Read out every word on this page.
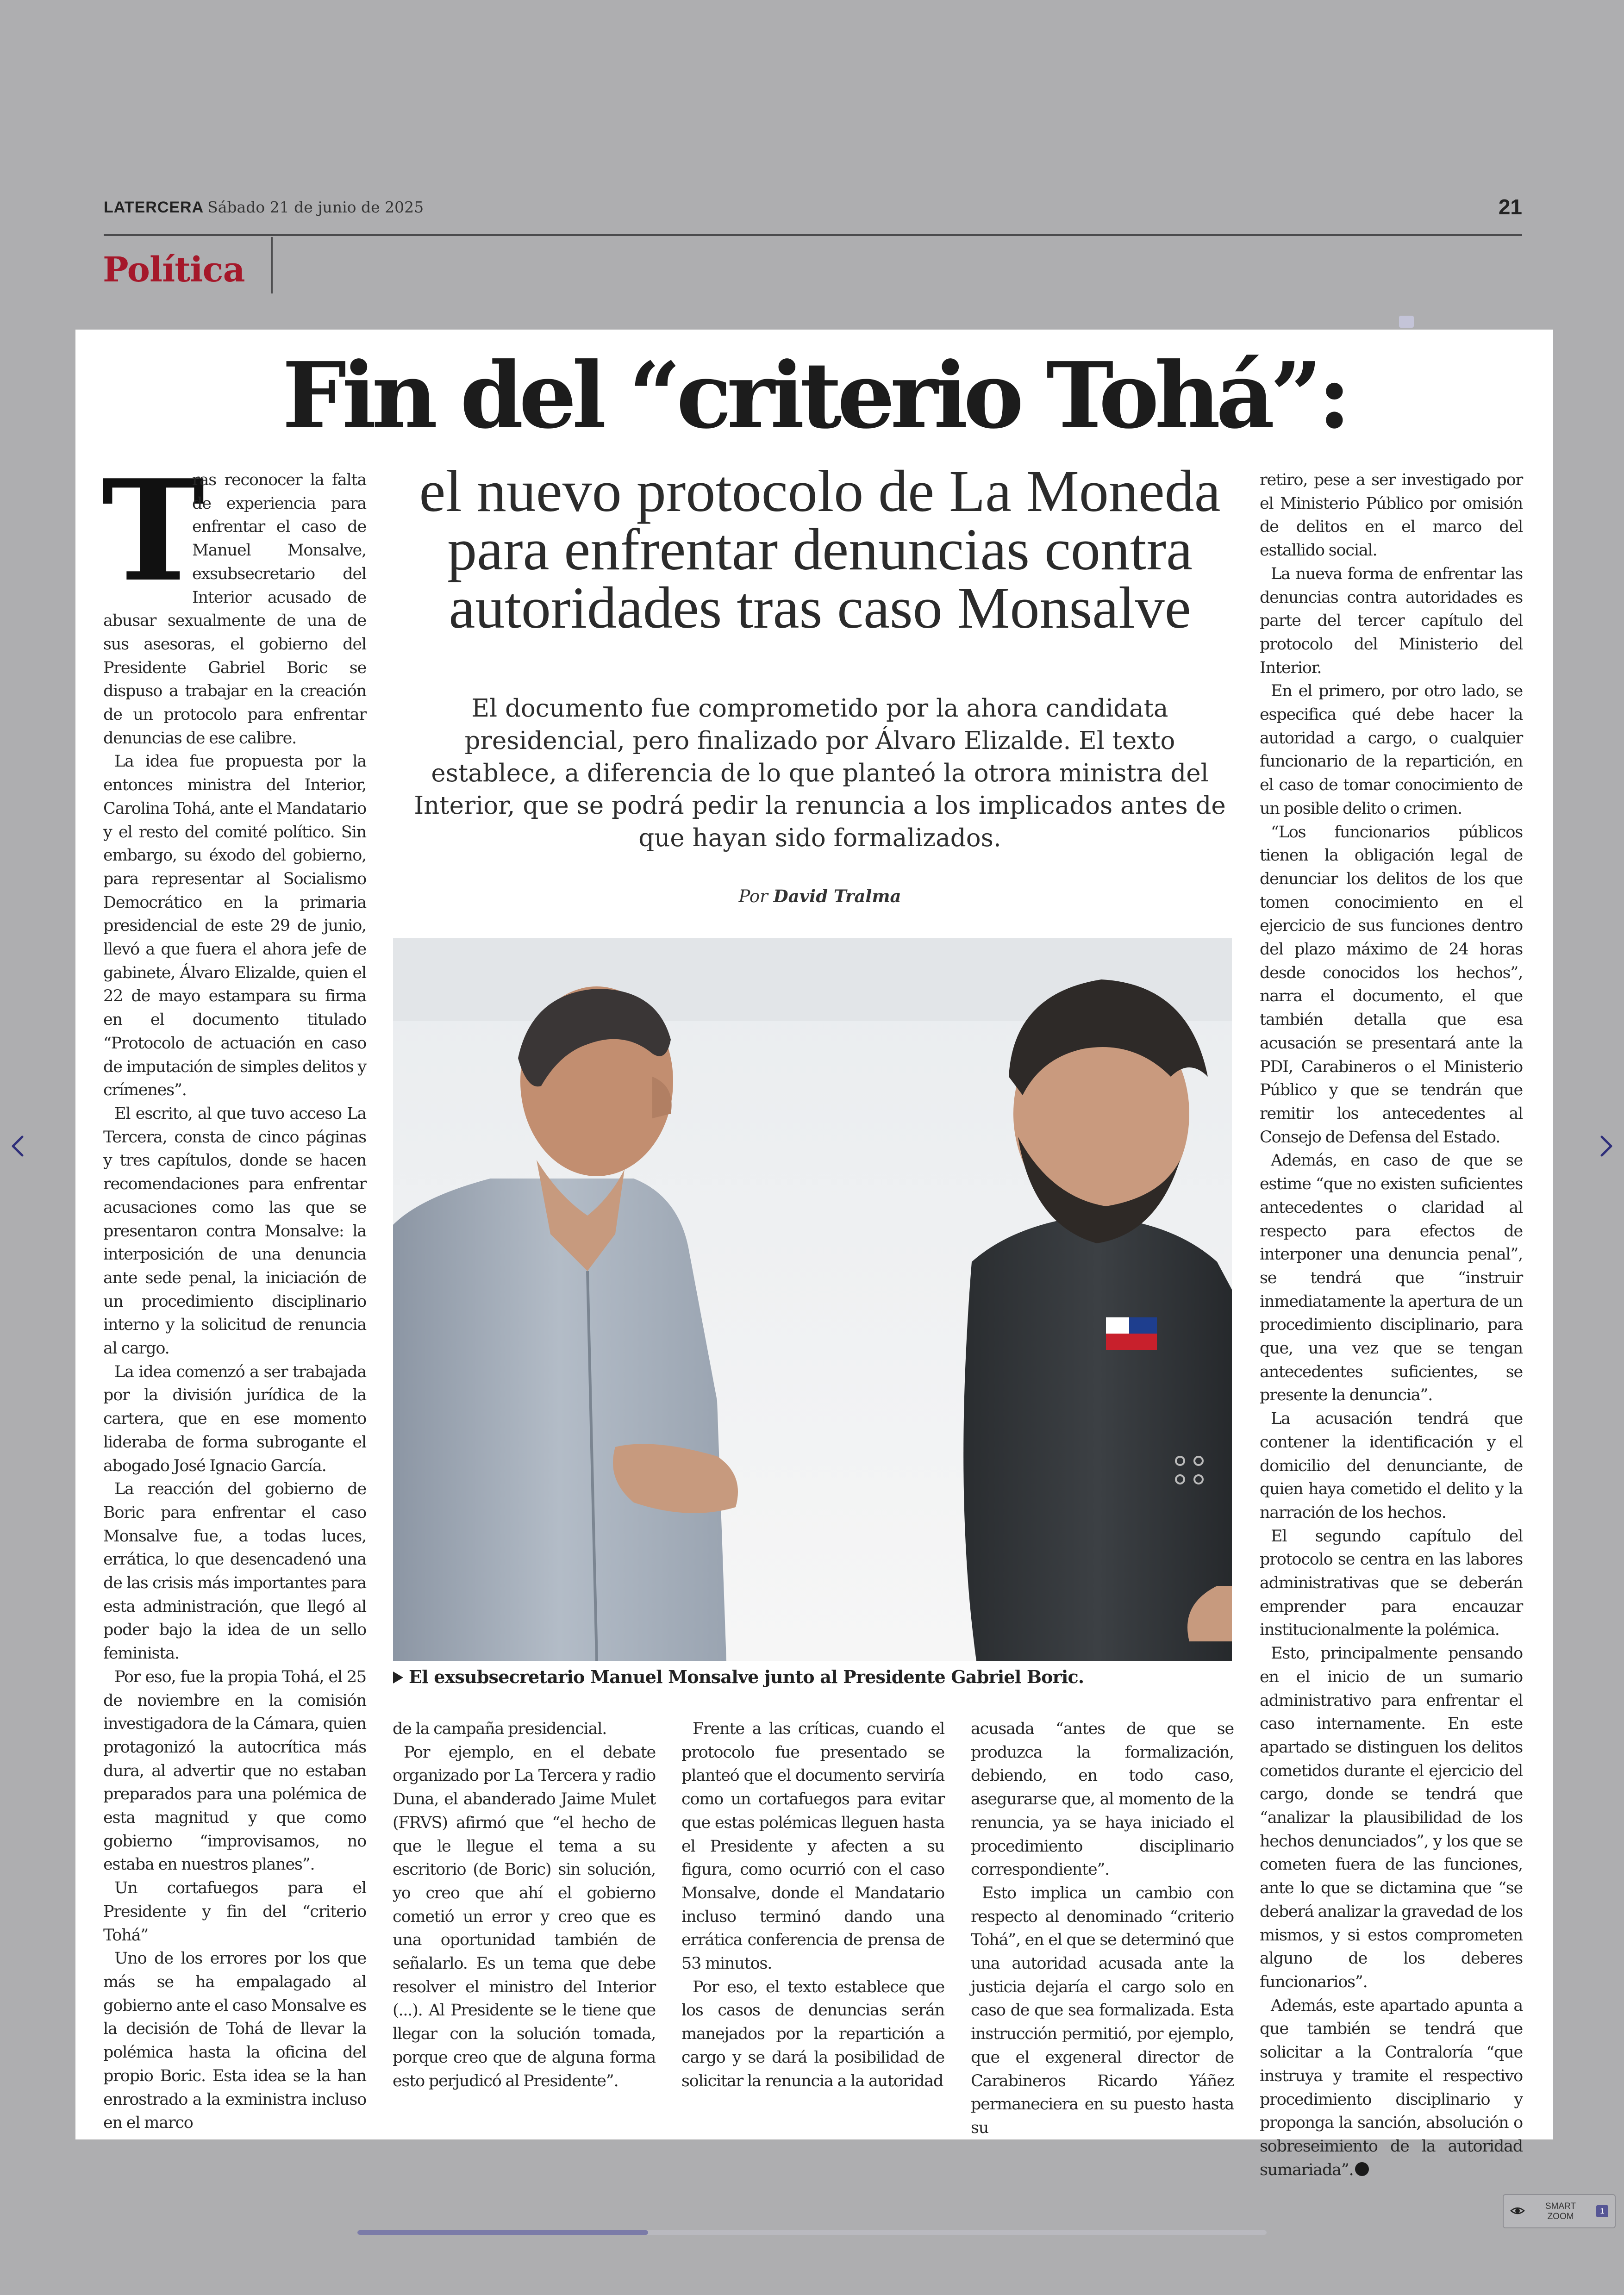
LATERCERA Sábado 21 de junio de 2025	21
Política
Fin del “criterio Tohá”:
el nuevo protocolo de La Moneda para enfrentar denuncias contra autoridades tras caso Monsalve
El documento fue comprometido por la ahora candidata presidencial, pero finalizado por Álvaro Elizalde. El texto establece, a diferencia de lo que planteó la otrora ministra del Interior, que se podrá pedir la renuncia a los implicados antes de que hayan sido formalizados.
Por David Tralma

T
ras reconocer la falta de experiencia para enfrentar el caso de Manuel Monsalve, exsubsecretario del Interior acusado de abusar sexualmente de una de sus asesoras, el gobierno del Presidente Gabriel Boric se dispuso a trabajar en la creación de un protocolo para enfrentar denuncias de ese calibre.

La idea fue propuesta por la entonces ministra del Interior, Carolina Tohá, ante el Mandatario y el resto del comité político. Sin embargo, su éxodo del gobierno, para representar al Socialismo Democrático en la primaria presidencial de este 29 de junio, llevó a que fuera el ahora jefe de gabinete, Álvaro Elizalde, quien el 22 de mayo estampara su firma en el documento titulado “Protocolo de actuación en caso de imputación de simples delitos y crímenes”.

El escrito, al que tuvo acceso La Tercera, consta de cinco páginas y tres capítulos, donde se hacen recomendaciones para enfrentar acusaciones como las que se presentaron contra Monsalve: la interposición de una denuncia ante sede penal, la iniciación de un procedimiento disciplinario interno y la solicitud de renuncia al cargo.

La idea comenzó a ser trabajada por la división jurídica de la cartera, que en ese momento lideraba de forma subrogante el abogado José Ignacio García.

La reacción del gobierno de Boric para enfrentar el caso Monsalve fue, a todas luces, errática, lo que desencadenó una de las crisis más importantes para esta administración, que llegó al poder bajo la idea de un sello feminista.

Por eso, fue la propia Tohá, el 25 de noviembre en la comisión investigadora de la Cámara, quien protagonizó la autocrítica más dura, al advertir que no estaban preparados para una polémica de esta magnitud y que como gobierno “improvisamos, no estaba en nuestros planes”.

Un cortafuegos para el Presidente y fin del “criterio Tohá”

Uno de los errores por los que más se ha empalagado al gobierno ante el caso Monsalve es la decisión de Tohá de llevar la polémica hasta la oficina del propio Boric. Esta idea se la han enrostrado a la exministra incluso en el marco

El exsubsecretario Manuel Monsalve junto al Presidente Gabriel Boric.

de la campaña presidencial.

Por ejemplo, en el debate organizado por La Tercera y radio Duna, el abanderado Jaime Mulet (FRVS) afirmó que “el hecho de que le llegue el tema a su escritorio (de Boric) sin solución, yo creo que ahí el gobierno cometió un error y creo que es una oportunidad también de señalarlo. Es un tema que debe resolver el ministro del Interior (...). Al Presidente se le tiene que llegar con la solución tomada, porque creo que de alguna forma esto perjudicó al Presidente”.

Frente a las críticas, cuando el protocolo fue presentado se planteó que el documento serviría como un cortafuegos para evitar que estas polémicas lleguen hasta el Presidente y afecten a su figura, como ocurrió con el caso Monsalve, donde el Mandatario incluso terminó dando una errática conferencia de prensa de 53 minutos.

Por eso, el texto establece que los casos de denuncias serán manejados por la repartición a cargo y se dará la posibilidad de solicitar la renuncia a la autoridad

acusada “antes de que se produzca la formalización, debiendo, en todo caso, asegurarse que, al momento de la renuncia, ya se haya iniciado el procedimiento disciplinario correspondiente”.

Esto implica un cambio con respecto al denominado “criterio Tohá”, en el que se determinó que una autoridad acusada ante la justicia dejaría el cargo solo en caso de que sea formalizada. Esta instrucción permitió, por ejemplo, que el exgeneral director de Carabineros Ricardo Yáñez permaneciera en su puesto hasta su

retiro, pese a ser investigado por el Ministerio Público por omisión de delitos en el marco del estallido social.

La nueva forma de enfrentar las denuncias contra autoridades es parte del tercer capítulo del protocolo del Ministerio del Interior.

En el primero, por otro lado, se especifica qué debe hacer la autoridad a cargo, o cualquier funcionario de la repartición, en el caso de tomar conocimiento de un posible delito o crimen.

“Los funcionarios públicos tienen la obligación legal de denunciar los delitos de los que tomen conocimiento en el ejercicio de sus funciones dentro del plazo máximo de 24 horas desde conocidos los hechos”, narra el documento, el que también detalla que esa acusación se presentará ante la PDI, Carabineros o el Ministerio Público y que se tendrán que remitir los antecedentes al Consejo de Defensa del Estado.

Además, en caso de que se estime “que no existen suficientes antecedentes o claridad al respecto para efectos de interponer una denuncia penal”, se tendrá que “instruir inmediatamente la apertura de un procedimiento disciplinario, para que, una vez que se tengan antecedentes suficientes, se presente la denuncia”.

La acusación tendrá que contener la identificación y el domicilio del denunciante, de quien haya cometido el delito y la narración de los hechos.

El segundo capítulo del protocolo se centra en las labores administrativas que se deberán emprender para encauzar institucionalmente la polémica.

Esto, principalmente pensando en el inicio de un sumario administrativo para enfrentar el caso internamente. En este apartado se distinguen los delitos cometidos durante el ejercicio del cargo, donde se tendrá que “analizar la plausibilidad de los hechos denunciados”, y los que se cometen fuera de las funciones, ante lo que se dictamina que “se deberá analizar la gravedad de los mismos, y si estos comprometen alguno de los deberes funcionarios”.

Además, este apartado apunta a que también se tendrá que solicitar a la Contraloría “que instruya y tramite el respectivo procedimiento disciplinario y proponga la sanción, absolución o sobreseimiento de la autoridad sumariada”.

SMART
ZOOM
1
